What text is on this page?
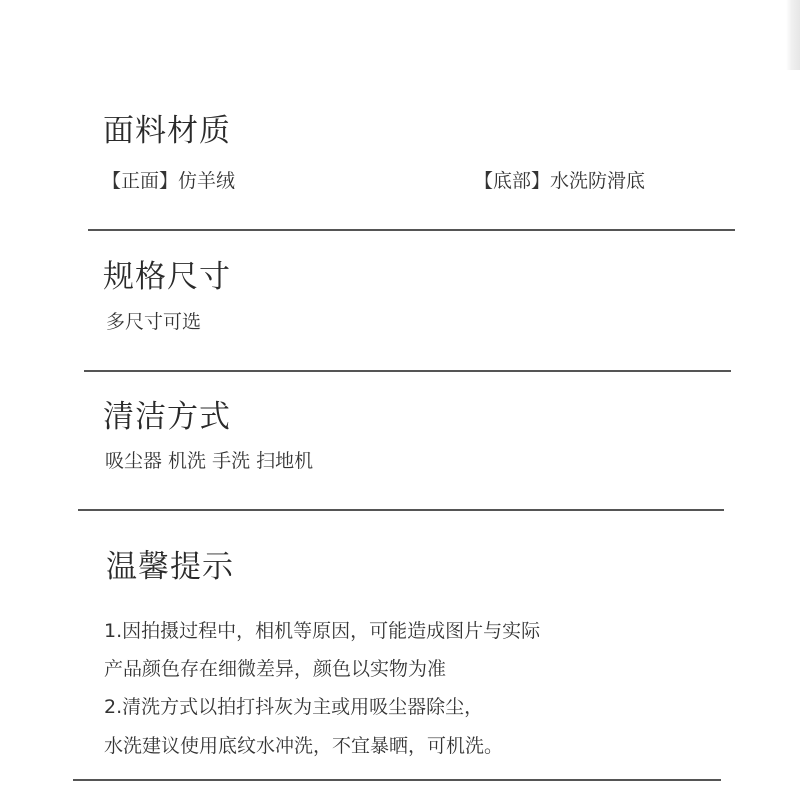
面料材质
【正面】仿羊绒	【底部】水洗防滑底
规格尺寸
多尺寸可选
清洁方式
吸尘器 机洗 手洗 扫地机
温馨提示
1.因拍摄过程中，相机等原因，可能造成图片与实际
产品颜色存在细微差异，颜色以实物为准
2.清洗方式以拍打抖灰为主或用吸尘器除尘，
水洗建议使用底纹水冲洗，不宜暴晒，可机洗。
